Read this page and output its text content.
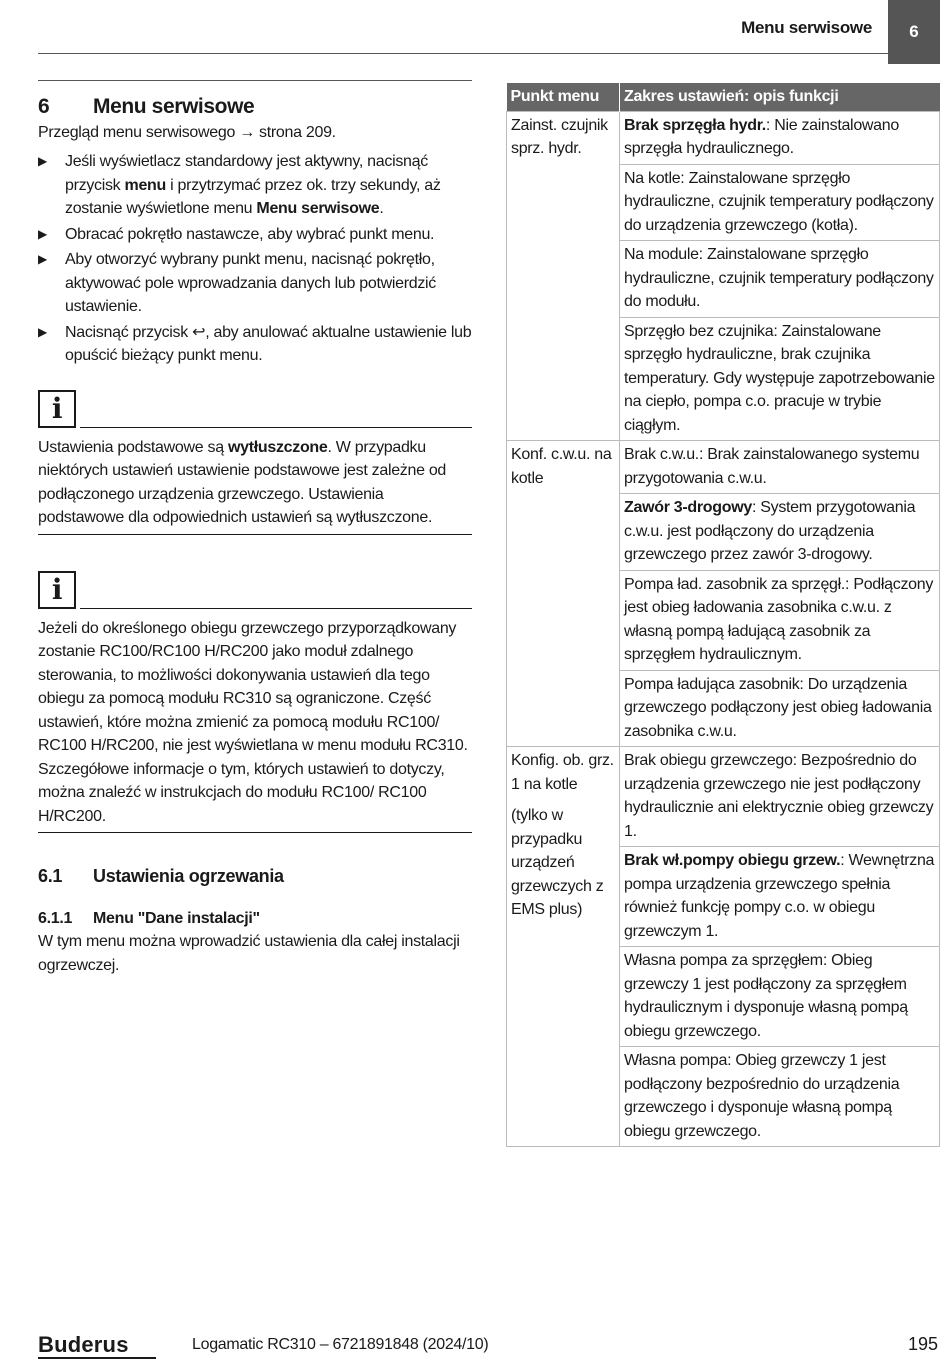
Menu serwisowe	6
6	Menu serwisowe

Przegląd menu serwisowego → strona 209.

▶ Jeśli wyświetlacz standardowy jest aktywny, nacisnąć przycisk menu i przytrzymać przez ok. trzy sekundy, aż zostanie wyświetlone menu Menu serwisowe.
▶ Obracać pokrętło nastawcze, aby wybrać punkt menu.
▶ Aby otworzyć wybrany punkt menu, nacisnąć pokrętło, aktywować pole wprowadzania danych lub potwierdzić ustawienie.
▶ Nacisnąć przycisk ↩, aby anulować aktualne ustawienie lub opuścić bieżący punkt menu.
i
Ustawienia podstawowe są wytłuszczone. W przypadku niektórych ustawień ustawienie podstawowe jest zależne od podłączonego urządzenia grzewczego. Ustawienia podstawowe dla odpowiednich ustawień są wytłuszczone.
i
Jeżeli do określonego obiegu grzewczego przyporządkowany zostanie RC100/RC100 H/RC200 jako moduł zdalnego sterowania, to możliwości dokonywania ustawień dla tego obiegu za pomocą modułu RC310 są ograniczone. Część ustawień, które można zmienić za pomocą modułu RC100/ RC100 H/RC200, nie jest wyświetlana w menu modułu RC310. Szczegółowe informacje o tym, których ustawień to dotyczy, można znaleźć w instrukcjach do modułu RC100/ RC100 H/RC200.
6.1	Ustawienia ogrzewania
6.1.1	Menu "Dane instalacji"

W tym menu można wprowadzić ustawienia dla całej instalacji ogrzewczej.

Punkt menu	Zakres ustawień: opis funkcji
Zainst. czujnik sprz. hydr.	Brak sprzęgła hydr.: Nie zainstalowano sprzęgła hydraulicznego.
	Na kotle: Zainstalowane sprzęgło hydrauliczne, czujnik temperatury podłączony do urządzenia grzewczego (kotła).
	Na module: Zainstalowane sprzęgło hydrauliczne, czujnik temperatury podłączony do modułu.
	Sprzęgło bez czujnika: Zainstalowane sprzęgło hydrauliczne, brak czujnika temperatury. Gdy występuje zapotrzebowanie na ciepło, pompa c.o. pracuje w trybie ciągłym.
Konf. c.w.u. na kotle	Brak c.w.u.: Brak zainstalowanego systemu przygotowania c.w.u.
	Zawór 3-drogowy: System przygotowania c.w.u. jest podłączony do urządzenia grzewczego przez zawór 3-drogowy.
	Pompa ład. zasobnik za sprzęgł.: Podłączony jest obieg ładowania zasobnika c.w.u. z własną pompą ładującą zasobnik za sprzęgłem hydraulicznym.
	Pompa ładująca zasobnik: Do urządzenia grzewczego podłączony jest obieg ładowania zasobnika c.w.u.

Konfig. ob. grz. 1 na kotle
(tylko w przypadku urządzeń grzewczych z EMS plus)	Brak obiegu grzewczego: Bezpośrednio do urządzenia grzewczego nie jest podłączony hydraulicznie ani elektrycznie obieg grzewczy 1.
	Brak wł.pompy obiegu grzew.: Wewnętrzna pompa urządzenia grzewczego spełnia również funkcję pompy c.o. w obiegu grzewczym 1.
	Własna pompa za sprzęgłem: Obieg grzewczy 1 jest podłączony za sprzęgłem hydraulicznym i dysponuje własną pompą obiegu grzewczego.
	Własna pompa: Obieg grzewczy 1 jest podłączony bezpośrednio do urządzenia grzewczego i dysponuje własną pompą obiegu grzewczego.
Buderus	Logamatic RC310 – 6721891848 (2024/10)	195
